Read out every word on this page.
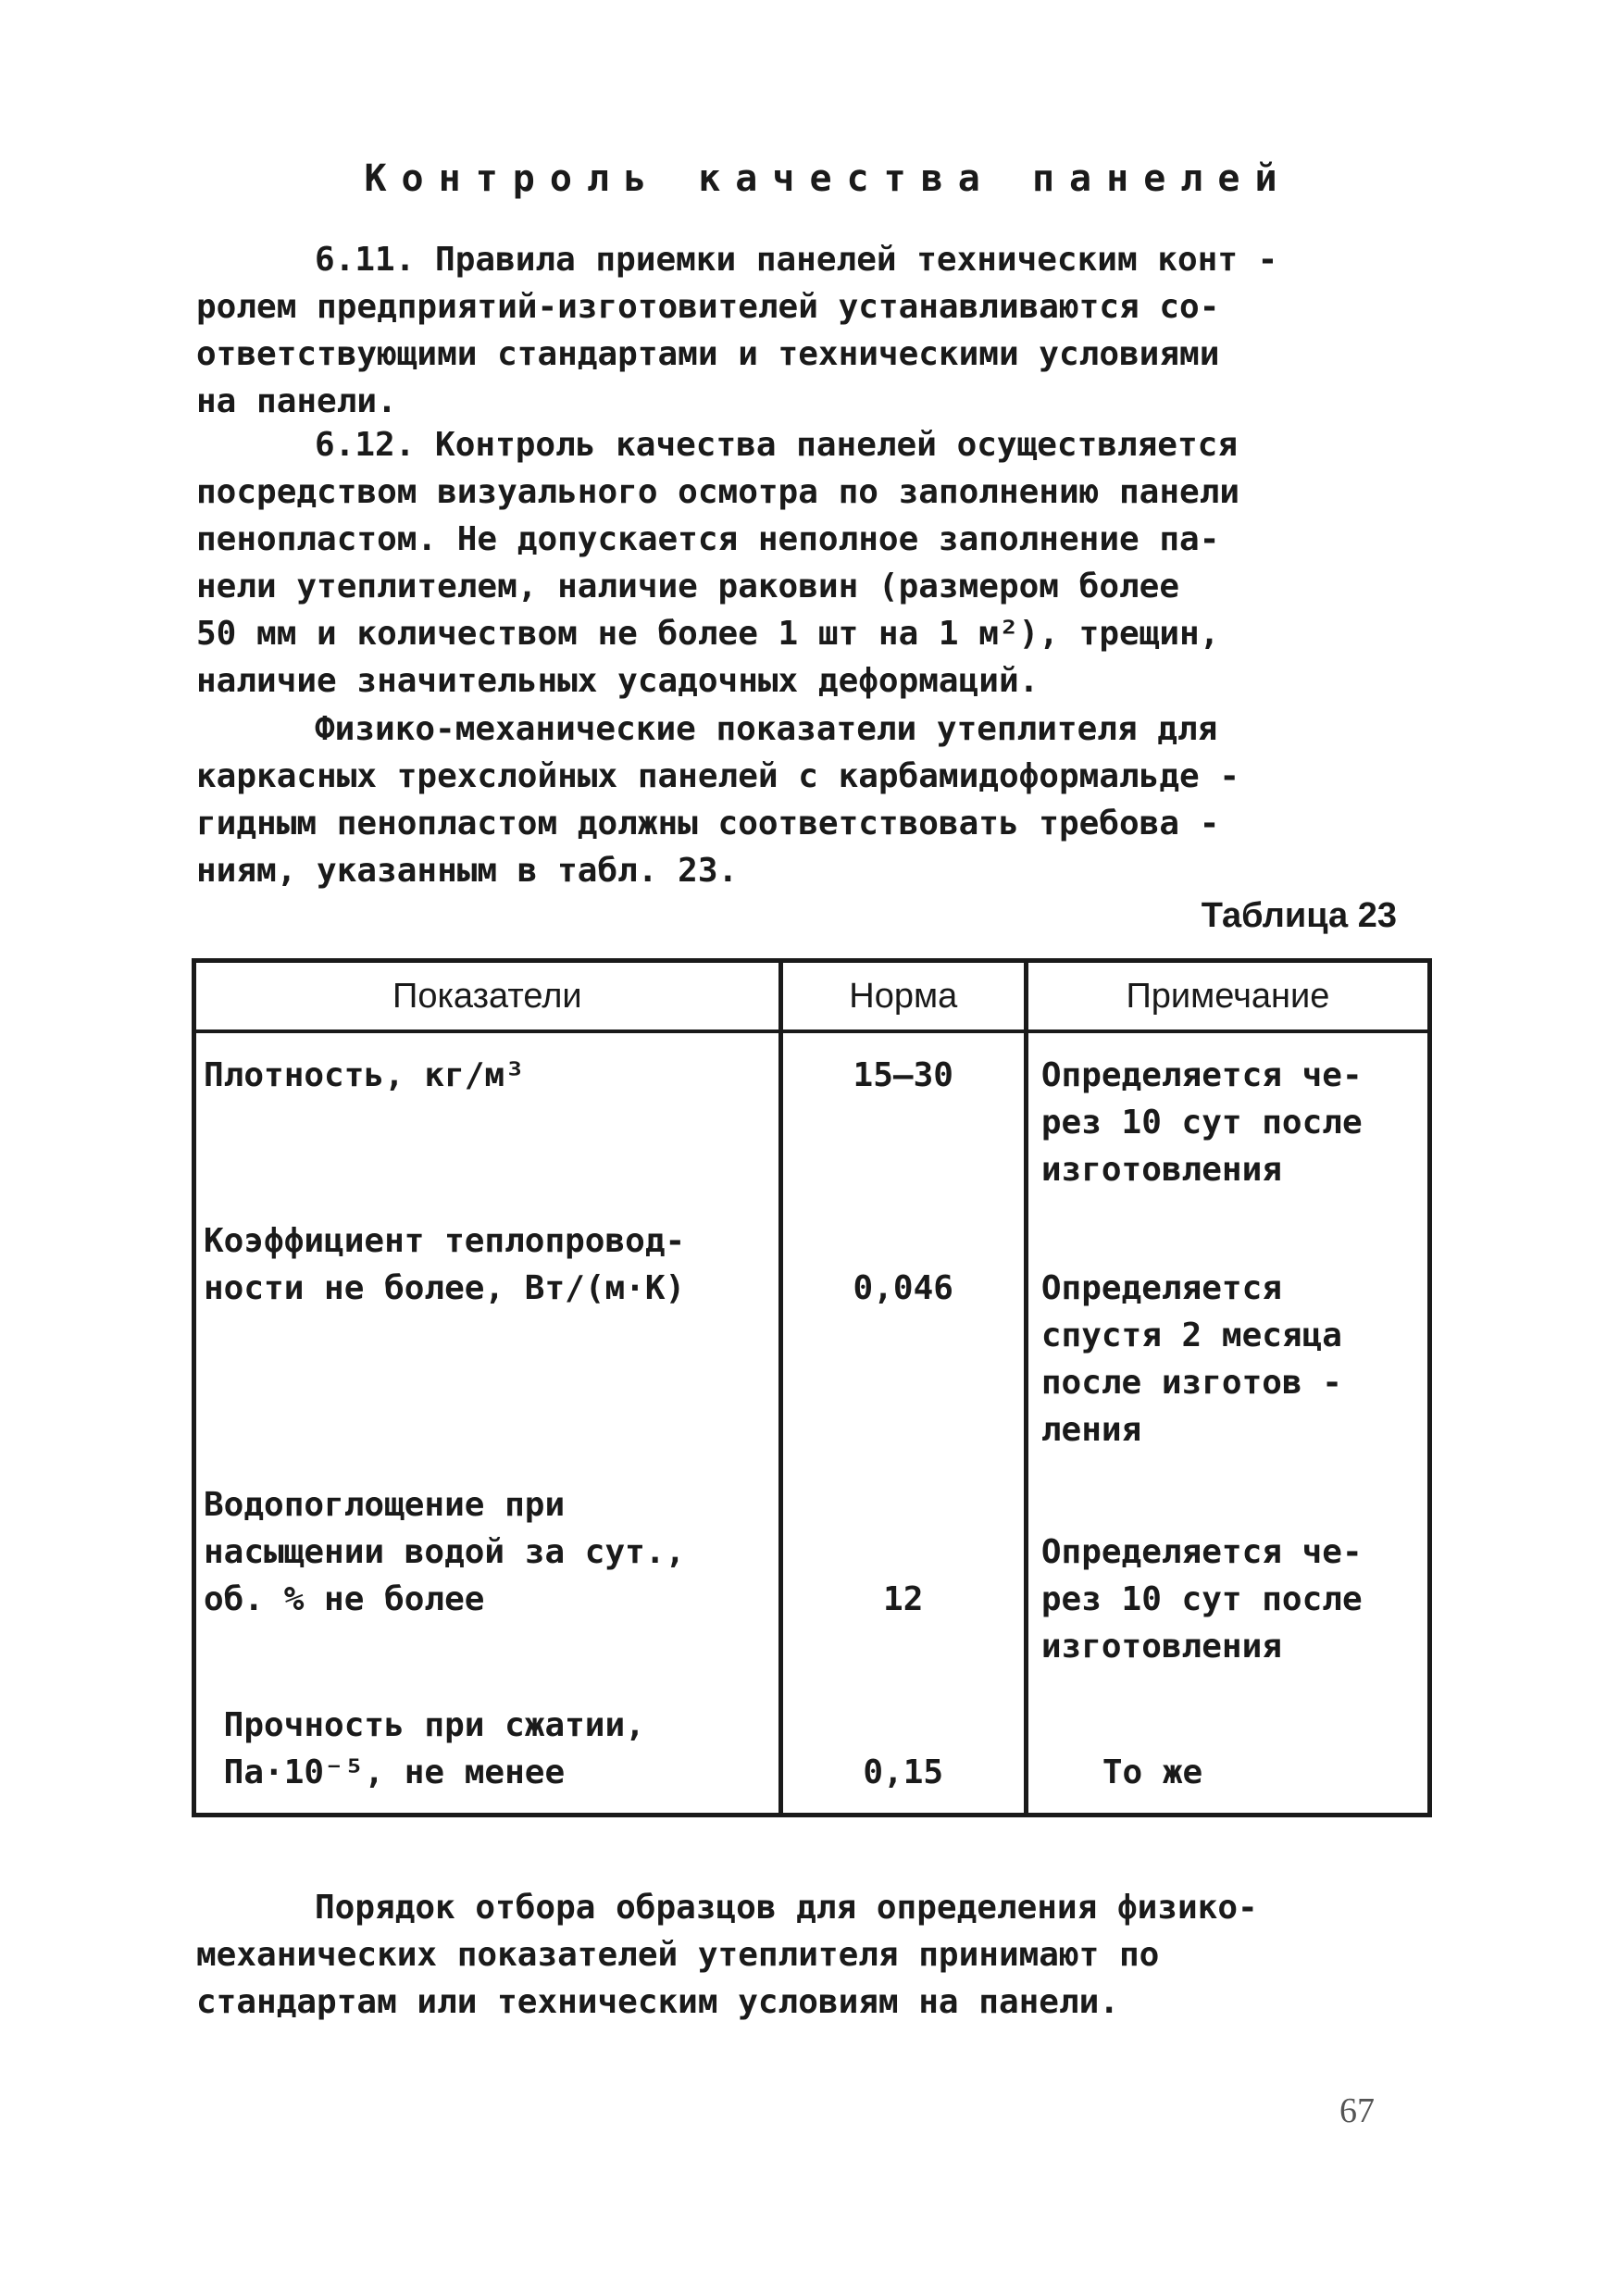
Контроль качества панелей
6.11. Правила приемки панелей техническим конт -
ролем предприятий-изготовителей устанавливаются со-
ответствующими стандартами и техническими условиями
на панели.
6.12. Контроль качества панелей осуществляется
посредством визуального осмотра по заполнению панели
пенопластом. Не допускается неполное заполнение па-
нели утеплителем, наличие раковин (размером более
50 мм и количеством не более 1 шт на 1 м²), трещин,
наличие значительных усадочных деформаций.
Физико-механические показатели утеплителя для
каркасных трехслойных панелей с карбамидоформальде -
гидным пенопластом должны соответствовать требова -
ниям, указанным в табл. 23.
Таблица 23
Показатели	Норма	Примечание

Плотность, кг/м³	15–30	Определяется че-
рез 10 сут после
изготовления

Коэффициент теплопровод-
ности не более, Вт/(м·К)	0,046	Определяется
спустя 2 месяца
после изготов -
ления

Водопоглощение при
насыщении водой за сут.,
об. % не более	12	Определяется че-
рез 10 сут после
изготовления

Прочность при сжатии,
Па·10⁻⁵, не менее	0,15	То же
Порядок отбора образцов для определения физико-
механических показателей утеплителя принимают по
стандартам или техническим условиям на панели.
67
